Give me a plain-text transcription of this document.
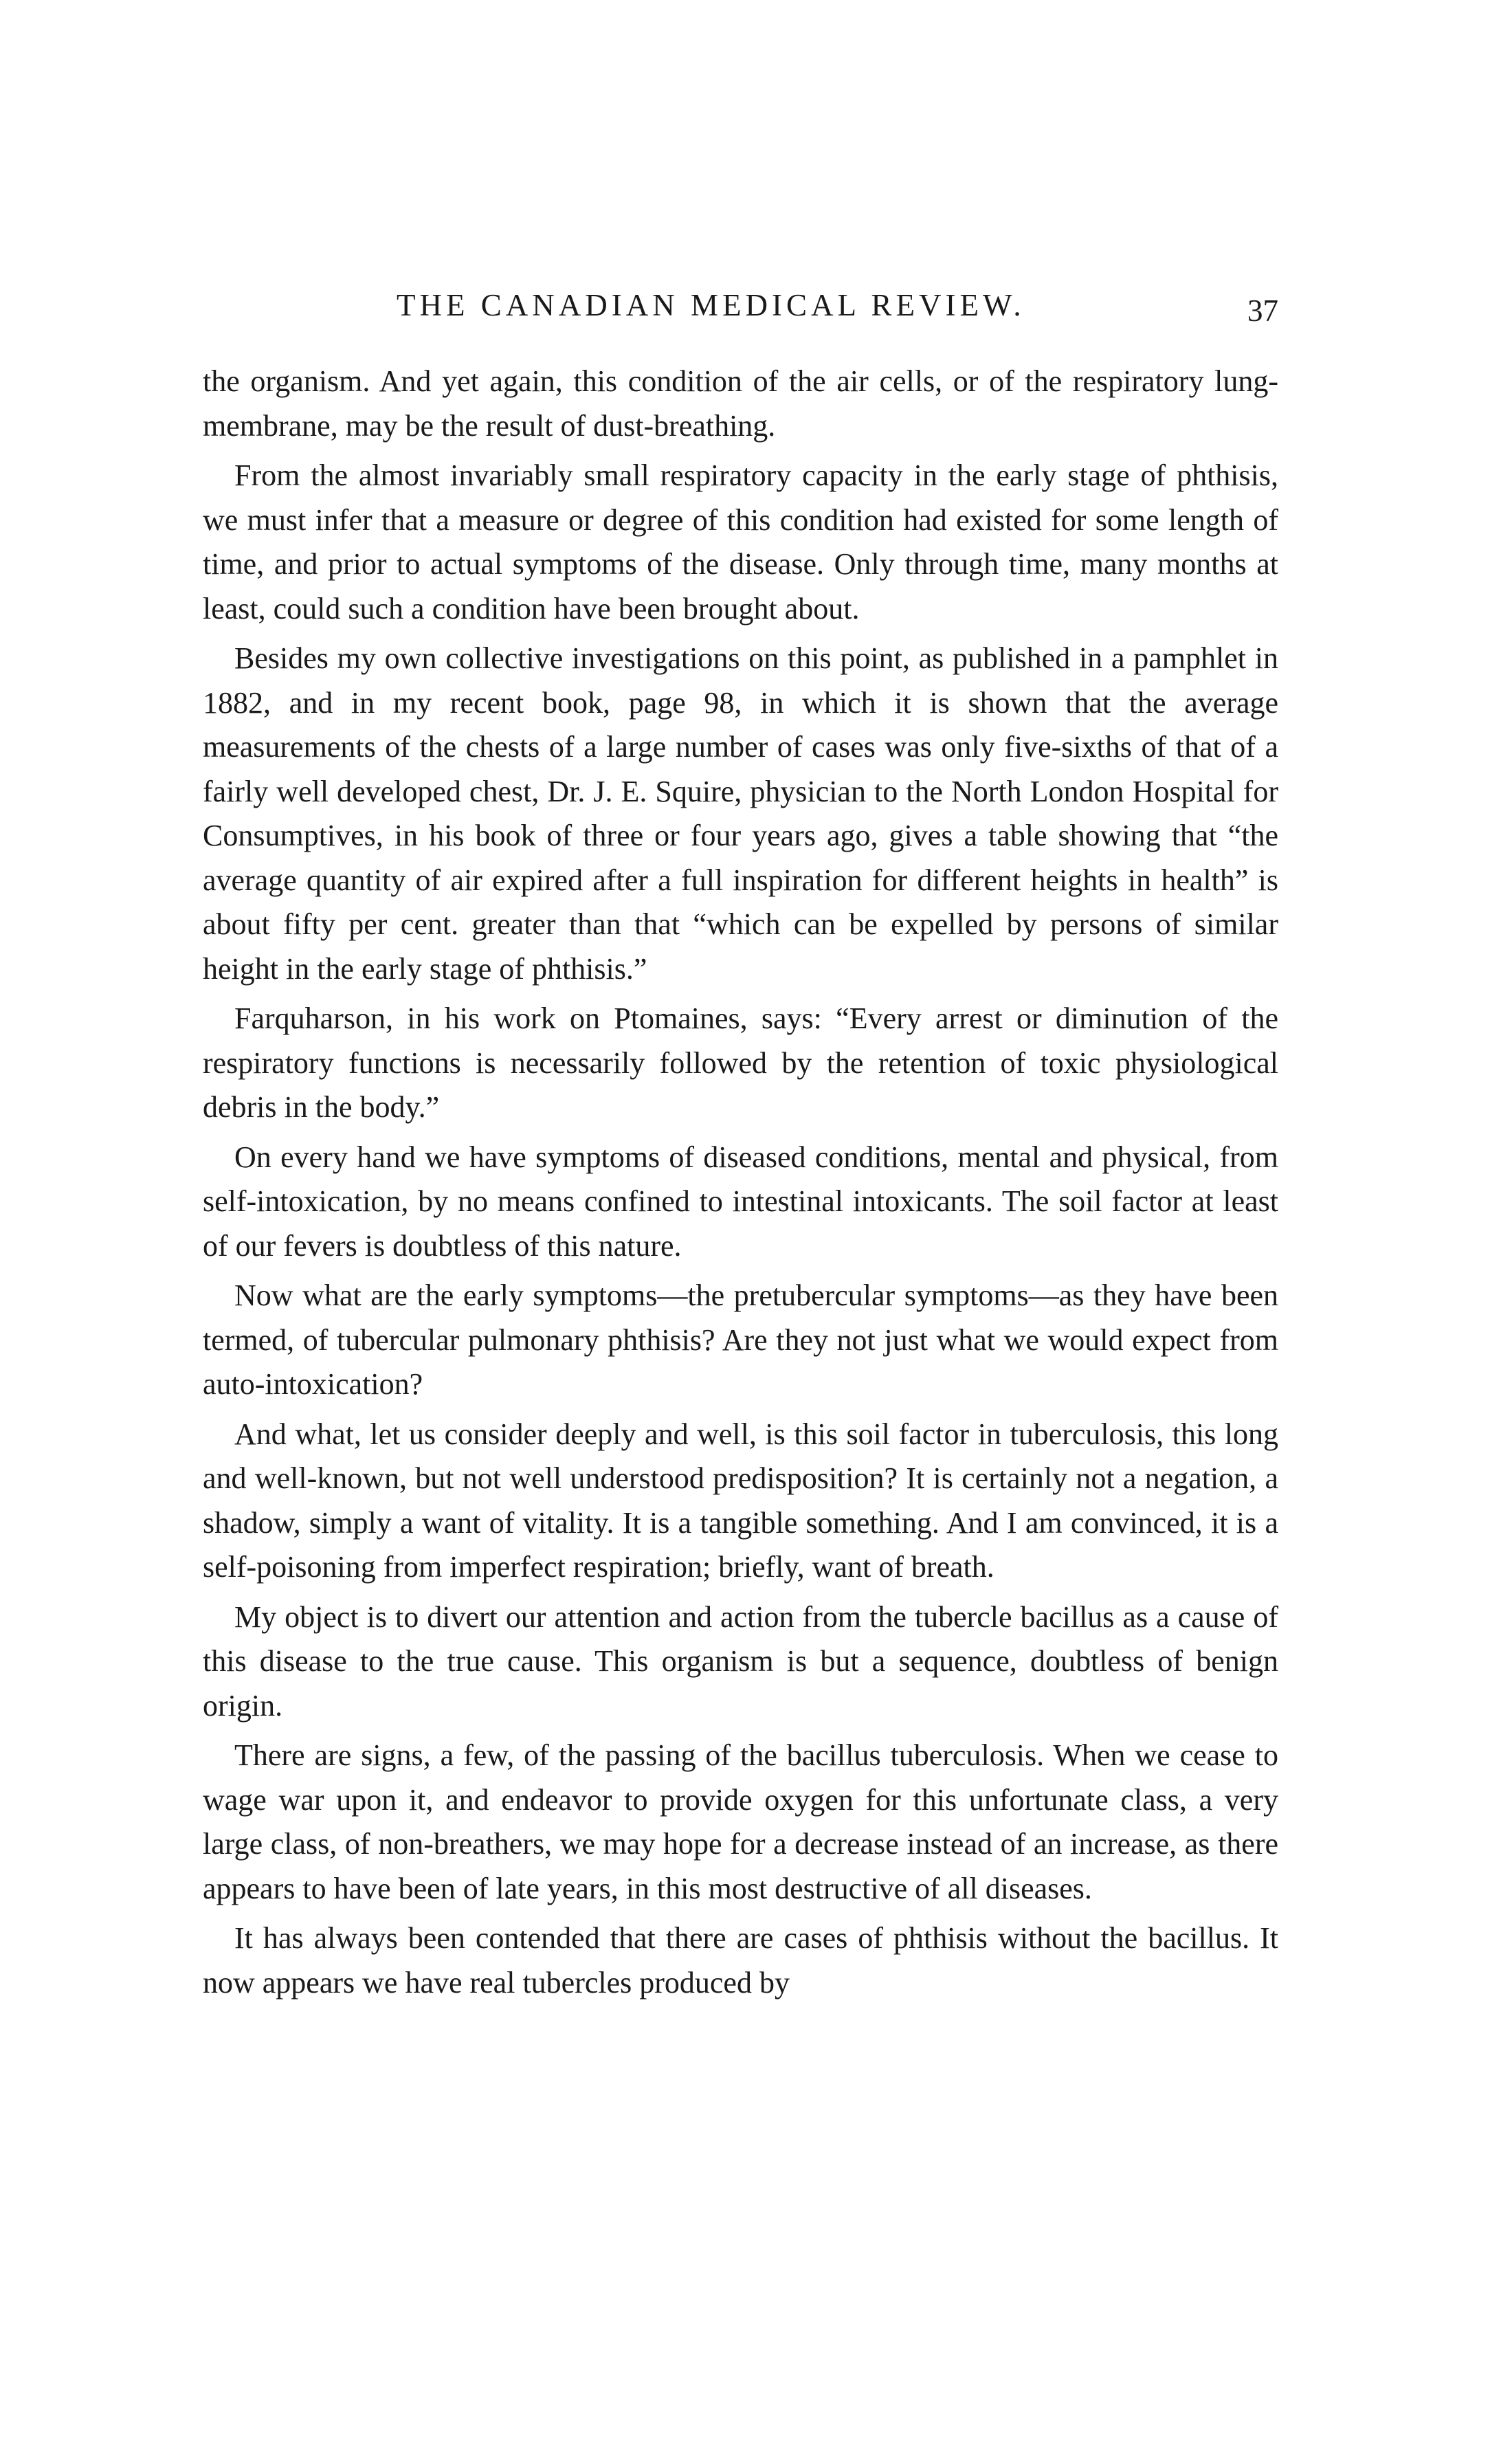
THE CANADIAN MEDICAL REVIEW.	37

the organism. And yet again, this condition of the air cells, or of the respiratory lung-membrane, may be the result of dust-breathing.

From the almost invariably small respiratory capacity in the early stage of phthisis, we must infer that a measure or degree of this condition had existed for some length of time, and prior to actual symptoms of the disease. Only through time, many months at least, could such a condition have been brought about.

Besides my own collective investigations on this point, as published in a pamphlet in 1882, and in my recent book, page 98, in which it is shown that the average measurements of the chests of a large number of cases was only five-sixths of that of a fairly well developed chest, Dr. J. E. Squire, physician to the North London Hospital for Consumptives, in his book of three or four years ago, gives a table showing that “the average quantity of air expired after a full inspiration for different heights in health” is about fifty per cent. greater than that “which can be expelled by persons of similar height in the early stage of phthisis.”

Farquharson, in his work on Ptomaines, says: “Every arrest or diminution of the respiratory functions is necessarily followed by the retention of toxic physiological debris in the body.”

On every hand we have symptoms of diseased conditions, mental and physical, from self-intoxication, by no means confined to intestinal intoxicants. The soil factor at least of our fevers is doubtless of this nature.

Now what are the early symptoms—the pretubercular symptoms—as they have been termed, of tubercular pulmonary phthisis? Are they not just what we would expect from auto-intoxication?

And what, let us consider deeply and well, is this soil factor in tuberculosis, this long and well-known, but not well understood predisposition? It is certainly not a negation, a shadow, simply a want of vitality. It is a tangible something. And I am convinced, it is a self-poisoning from imperfect respiration; briefly, want of breath.

My object is to divert our attention and action from the tubercle bacillus as a cause of this disease to the true cause. This organism is but a sequence, doubtless of benign origin.

There are signs, a few, of the passing of the bacillus tuberculosis. When we cease to wage war upon it, and endeavor to provide oxygen for this unfortunate class, a very large class, of non-breathers, we may hope for a decrease instead of an increase, as there appears to have been of late years, in this most destructive of all diseases.

It has always been contended that there are cases of phthisis without the bacillus. It now appears we have real tubercles produced by
